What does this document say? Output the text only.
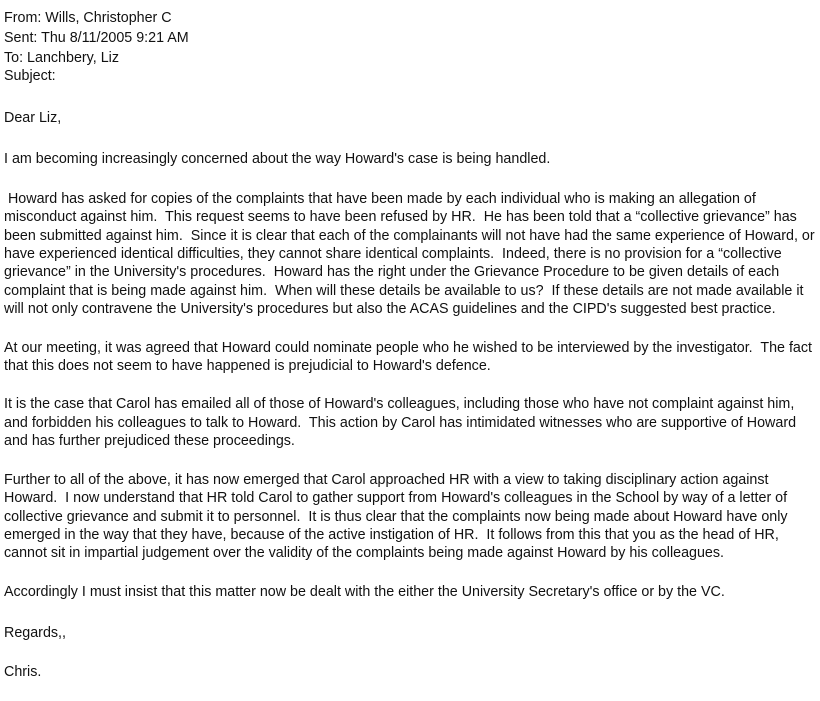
From: Wills, Christopher C
Sent: Thu 8/11/2005 9:21 AM
To: Lanchbery, Liz
Subject:

Dear Liz,

I am becoming increasingly concerned about the way Howard's case is being handled.

Howard has asked for copies of the complaints that have been made by each individual who is making an allegation of misconduct against him.  This request seems to have been refused by HR.  He has been told that a “collective grievance” has been submitted against him.  Since it is clear that each of the complainants will not have had the same experience of Howard, or have experienced identical difficulties, they cannot share identical complaints.  Indeed, there is no provision for a “collective grievance” in the University's procedures.  Howard has the right under the Grievance Procedure to be given details of each complaint that is being made against him.  When will these details be available to us?  If these details are not made available it will not only contravene the University's procedures but also the ACAS guidelines and the CIPD's suggested best practice.

At our meeting, it was agreed that Howard could nominate people who he wished to be interviewed by the investigator.  The fact that this does not seem to have happened is prejudicial to Howard's defence.

It is the case that Carol has emailed all of those of Howard's colleagues, including those who have not complaint against him, and forbidden his colleagues to talk to Howard.  This action by Carol has intimidated witnesses who are supportive of Howard and has further prejudiced these proceedings.

Further to all of the above, it has now emerged that Carol approached HR with a view to taking disciplinary action against Howard.  I now understand that HR told Carol to gather support from Howard's colleagues in the School by way of a letter of collective grievance and submit it to personnel.  It is thus clear that the complaints now being made about Howard have only emerged in the way that they have, because of the active instigation of HR.  It follows from this that you as the head of HR, cannot sit in impartial judgement over the validity of the complaints being made against Howard by his colleagues.

Accordingly I must insist that this matter now be dealt with the either the University Secretary's office or by the VC.

Regards,,

Chris.
